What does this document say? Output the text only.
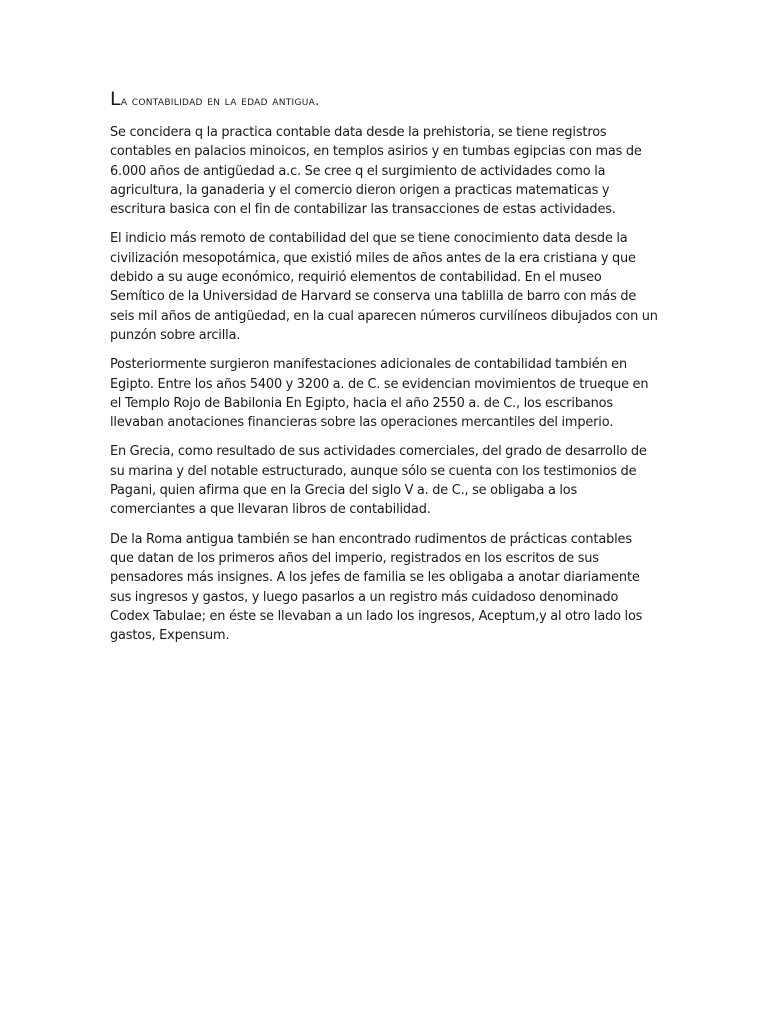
La contabilidad en la edad antigua.

Se concidera q la practica contable data desde la prehistoria, se tiene registros contables en palacios minoicos, en templos asirios y en tumbas egipcias con mas de 6.000 años de antigüedad a.c. Se cree q el surgimiento de actividades como la agricultura, la ganaderia y el comercio dieron origen a practicas matematicas y escritura basica con el fin de contabilizar las transacciones de estas actividades.

El indicio más remoto de contabilidad del que se tiene conocimiento data desde la civilización mesopotámica, que existió miles de años antes de la era cristiana y que debido a su auge económico, requirió elementos de contabilidad. En el museo Semítico de la Universidad de Harvard se conserva una tablilla de barro con más de seis mil años de antigüedad, en la cual aparecen números curvilíneos dibujados con un punzón sobre arcilla.

Posteriormente surgieron manifestaciones adicionales de contabilidad también en Egipto. Entre los años 5400 y 3200 a. de C. se evidencian movimientos de trueque en el Templo Rojo de Babilonia En Egipto, hacia el año 2550 a. de C., los escribanos llevaban anotaciones financieras sobre las operaciones mercantiles del imperio.

En Grecia, como resultado de sus actividades comerciales, del grado de desarrollo de su marina y del notable estructurado, aunque sólo se cuenta con los testimonios de Pagani, quien afirma que en la Grecia del siglo V a. de C., se obligaba a los comerciantes a que llevaran libros de contabilidad.

De la Roma antigua también se han encontrado rudimentos de prácticas contables que datan de los primeros años del imperio, registrados en los escritos de sus pensadores más insignes. A los jefes de familia se les obligaba a anotar diariamente sus ingresos y gastos, y luego pasarlos a un registro más cuidadoso denominado Codex Tabulae; en éste se llevaban a un lado los ingresos, Aceptum,y al otro lado los gastos, Expensum.
